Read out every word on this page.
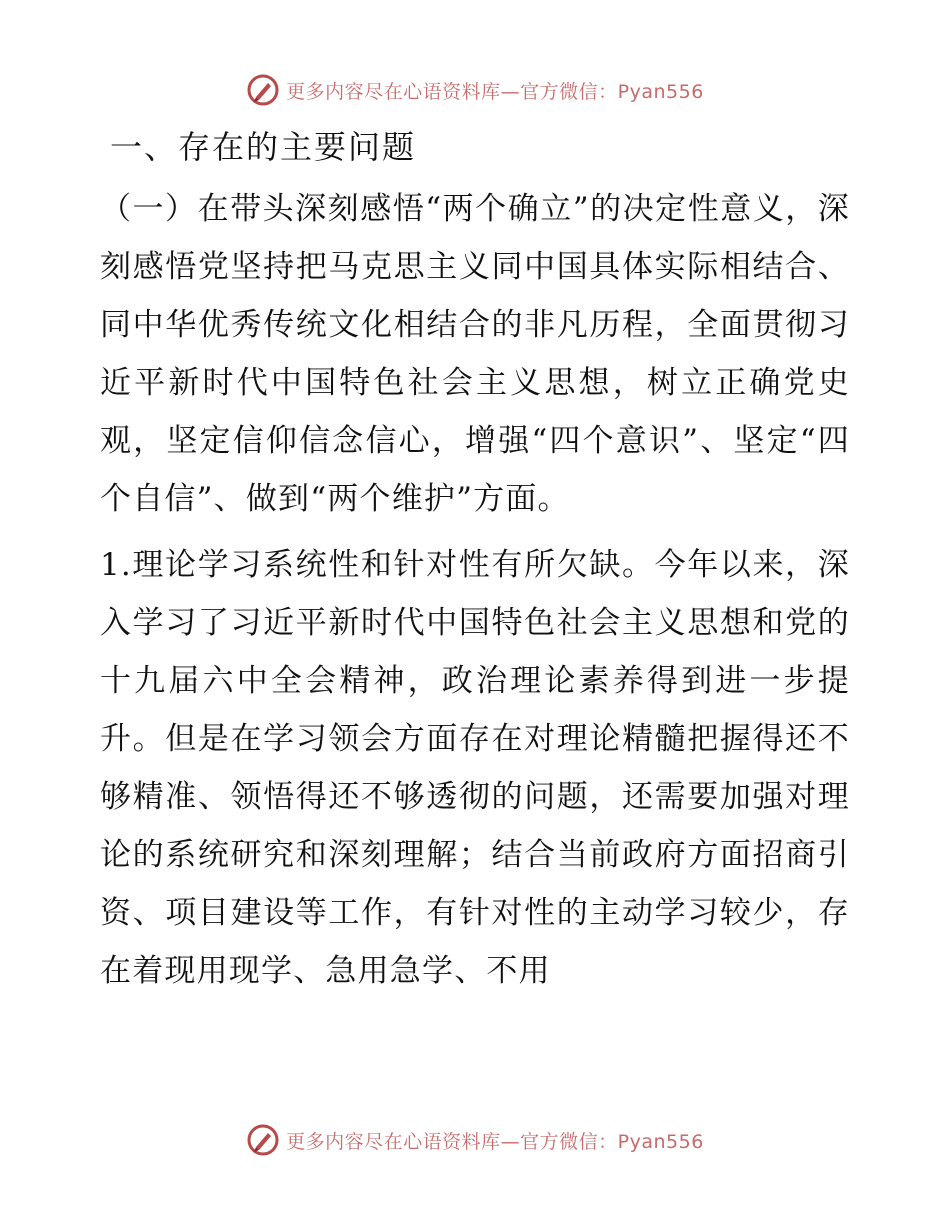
更多内容尽在心语资料库—官方微信：Pyan556
一、存在的主要问题

（一）在带头深刻感悟“两个确立”的决定性意义，深刻感悟党坚持把马克思主义同中国具体实际相结合、同中华优秀传统文化相结合的非凡历程，全面贯彻习近平新时代中国特色社会主义思想，树立正确党史观，坚定信仰信念信心，增强“四个意识”、坚定“四个自信”、做到“两个维护”方面。

1.理论学习系统性和针对性有所欠缺。今年以来，深入学习了习近平新时代中国特色社会主义思想和党的十九届六中全会精神，政治理论素养得到进一步提升。但是在学习领会方面存在对理论精髓把握得还不够精准、领悟得还不够透彻的问题，还需要加强对理论的系统研究和深刻理解；结合当前政府方面招商引资、项目建设等工作，有针对性的主动学习较少，存在着现用现学、急用急学、不用

更多内容尽在心语资料库—官方微信：Pyan556
